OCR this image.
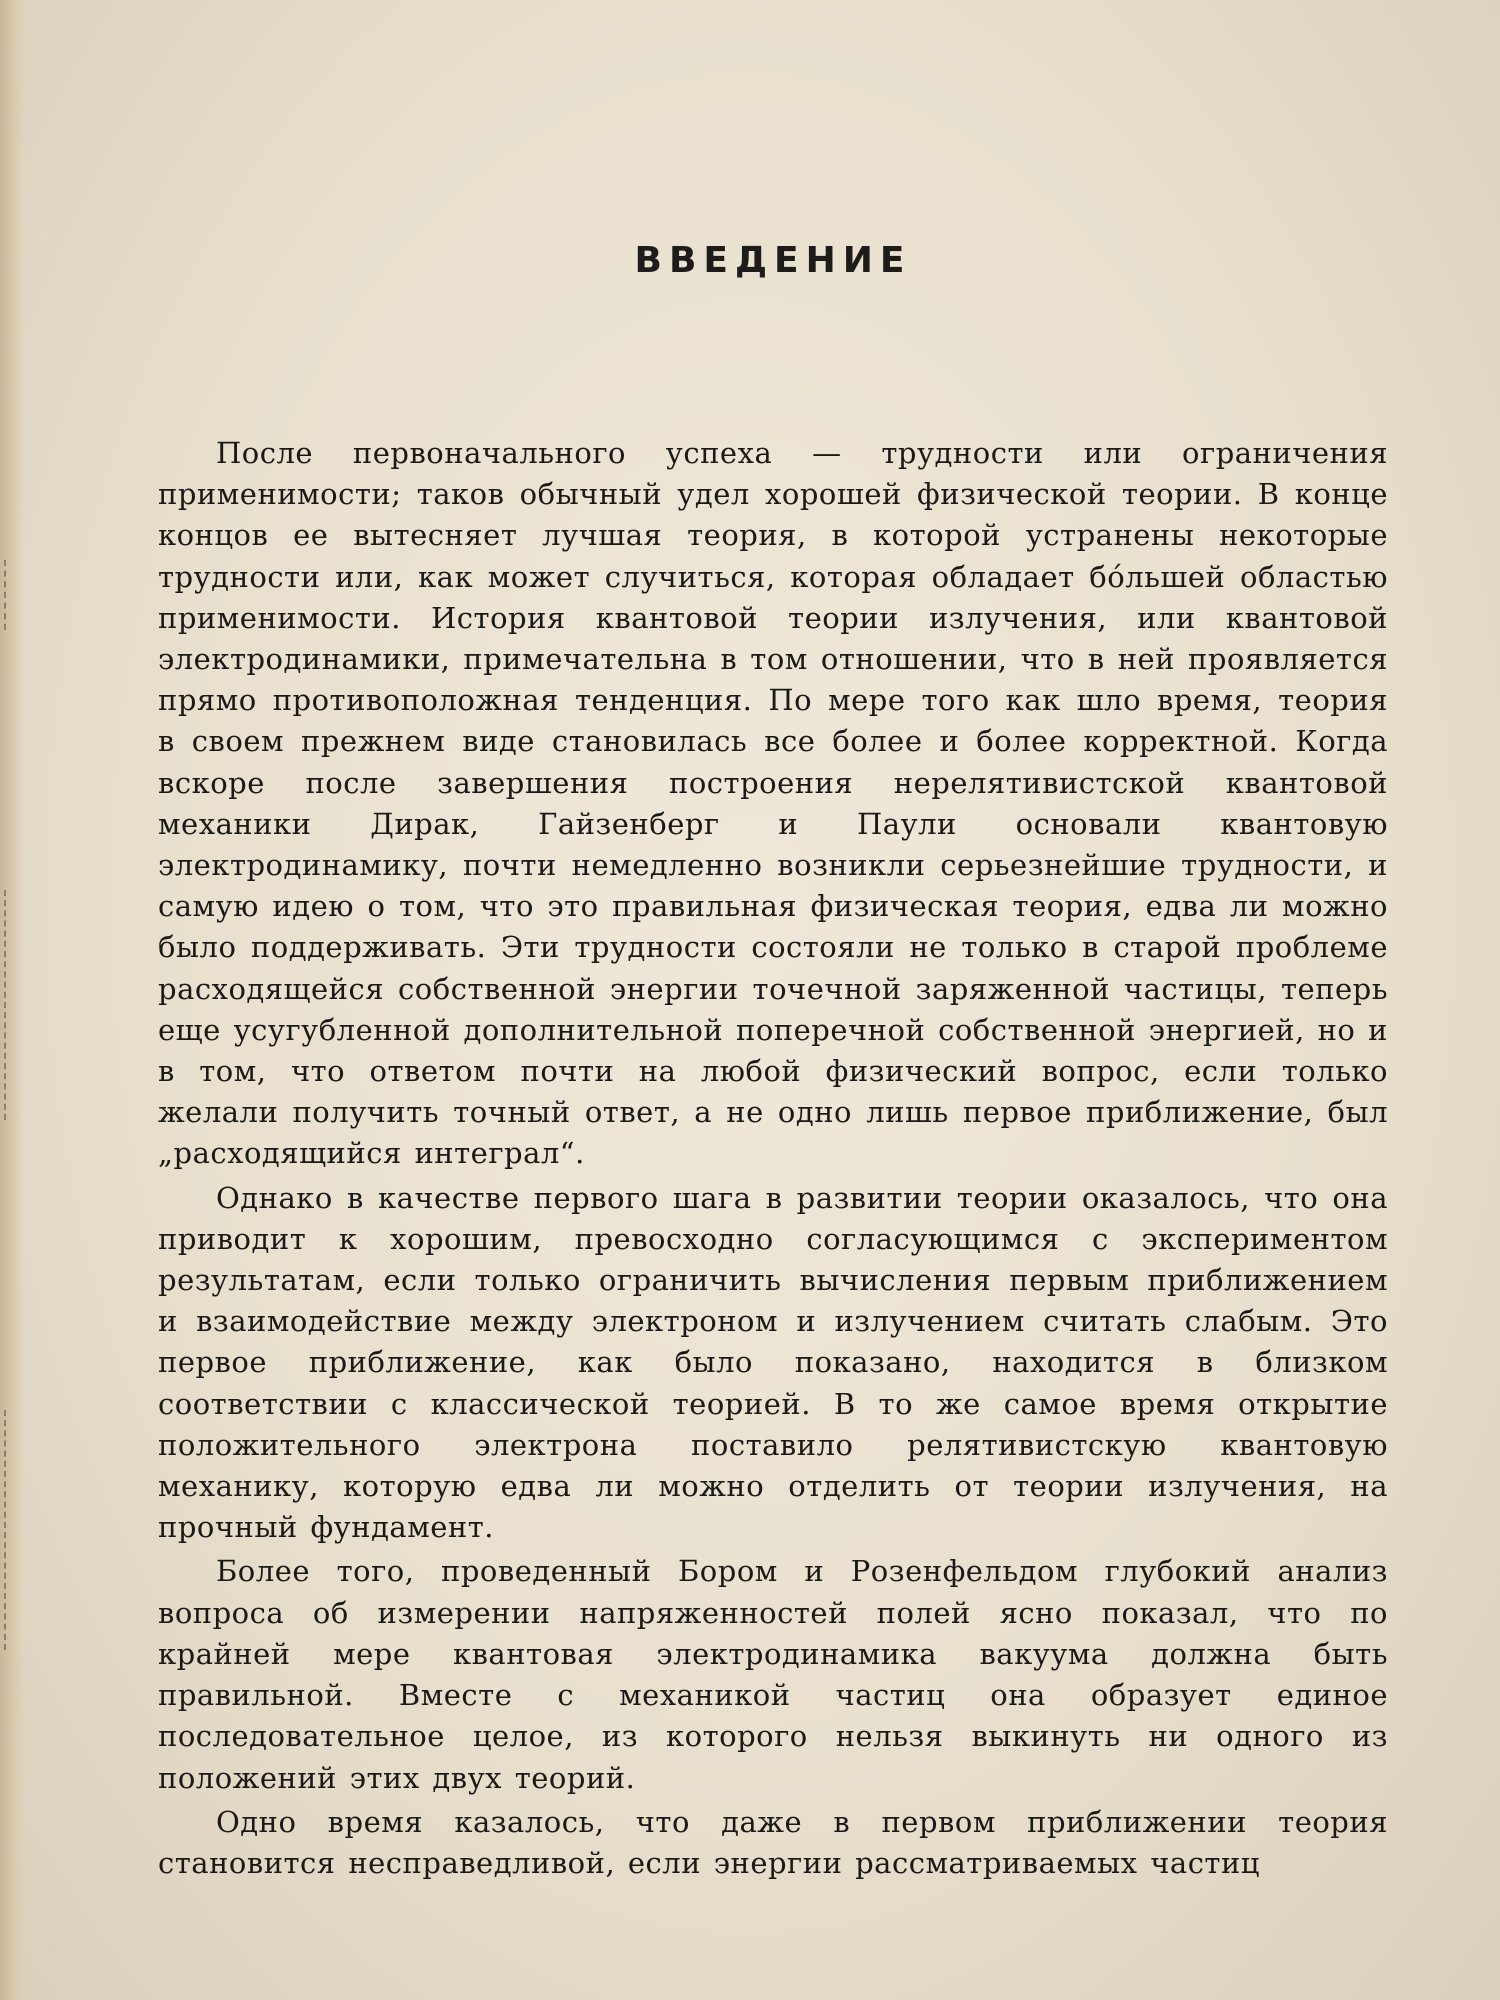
ВВЕДЕНИЕ

После первоначального успеха — трудности или ограничения применимости; таков обычный удел хорошей физической теории. В конце концов ее вытесняет лучшая теория, в которой устранены некоторые трудности или, как может случиться, которая обладает бо́льшей областью применимости. История квантовой теории излучения, или квантовой электродинамики, примечательна в том отношении, что в ней проявляется прямо противоположная тенденция. По мере того как шло время, теория в своем прежнем виде становилась все более и более корректной. Когда вскоре после завершения построения нерелятивистской квантовой механики Дирак, Гайзенберг и Паули основали квантовую электродинамику, почти немедленно возникли серьезнейшие трудности, и самую идею о том, что это правильная физическая теория, едва ли можно было поддерживать. Эти трудности состояли не только в старой проблеме расходящейся собственной энергии точечной заряженной частицы, теперь еще усугубленной дополнительной поперечной собственной энергией, но и в том, что ответом почти на любой физический вопрос, если только желали получить точный ответ, а не одно лишь первое приближение, был „расходящийся интеграл“.

Однако в качестве первого шага в развитии теории оказалось, что она приводит к хорошим, превосходно согласующимся с экспериментом результатам, если только ограничить вычисления первым приближением и взаимодействие между электроном и излучением считать слабым. Это первое приближение, как было показано, находится в близком соответствии с классической теорией. В то же самое время открытие положительного электрона поставило релятивистскую квантовую механику, которую едва ли можно отделить от теории излучения, на прочный фундамент.

Более того, проведенный Бором и Розенфельдом глубокий анализ вопроса об измерении напряженностей полей ясно показал, что по крайней мере квантовая электродинамика вакуума должна быть правильной. Вместе с механикой частиц она образует единое последовательное целое, из которого нельзя выкинуть ни одного из положений этих двух теорий.

Одно время казалось, что даже в первом приближении теория становится несправедливой, если энергии рассматриваемых частиц
